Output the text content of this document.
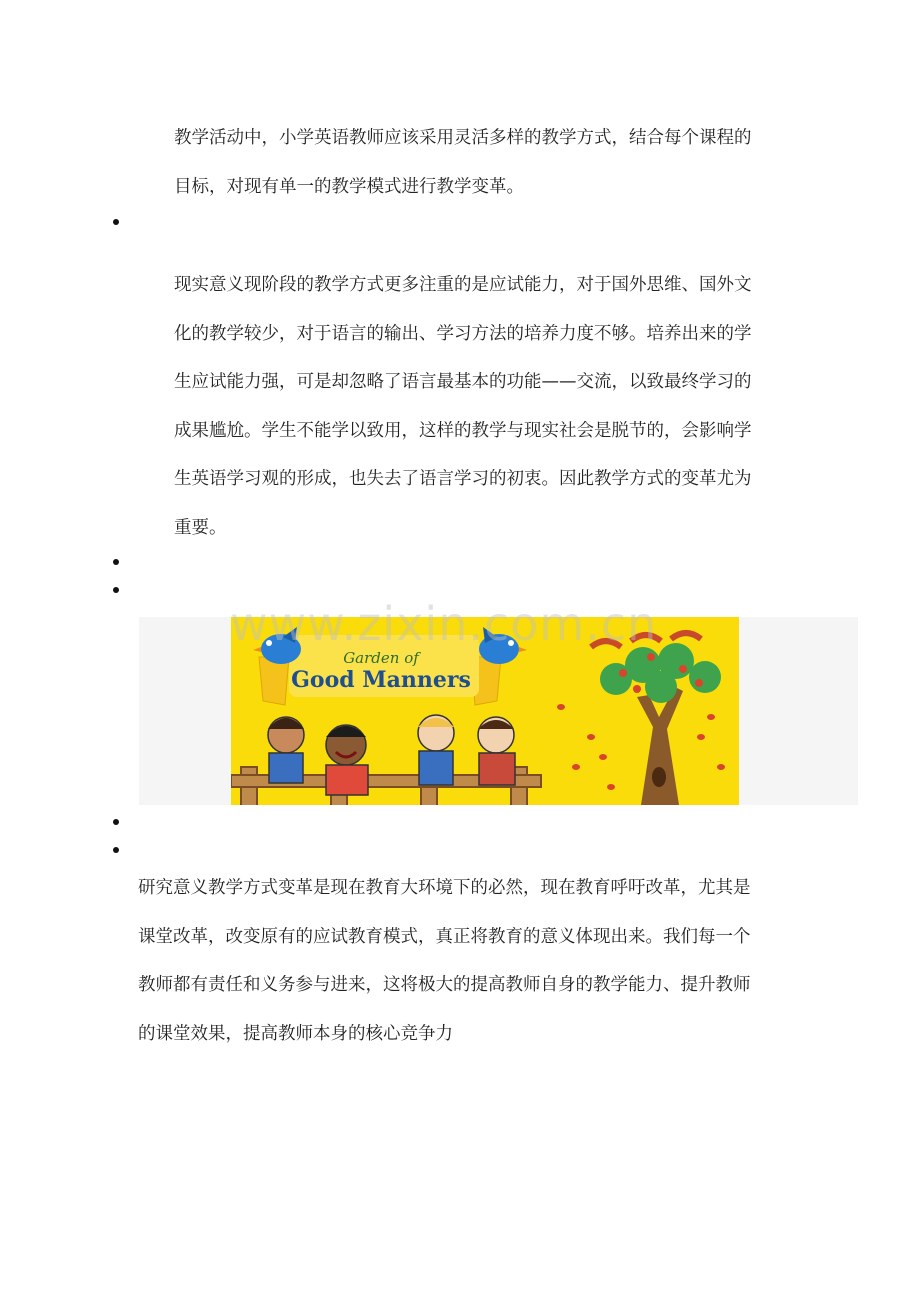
教学活动中，小学英语教师应该采用灵活多样的教学方式，结合每个课程的
目标，对现有单一的教学模式进行教学变革。
现实意义现阶段的教学方式更多注重的是应试能力，对于国外思维、国外文
化的教学较少，对于语言的输出、学习方法的培养力度不够。培养出来的学
生应试能力强，可是却忽略了语言最基本的功能——交流，以致最终学习的
成果尴尬。学生不能学以致用，这样的教学与现实社会是脱节的，会影响学
生英语学习观的形成，也失去了语言学习的初衷。因此教学方式的变革尤为
重要。
Garden of
Good Manners
www.zixin.com.cn
研究意义教学方式变革是现在教育大环境下的必然，现在教育呼吁改革，尤其是
课堂改革，改变原有的应试教育模式，真正将教育的意义体现出来。我们每一个
教师都有责任和义务参与进来，这将极大的提高教师自身的教学能力、提升教师
的课堂效果，提高教师本身的核心竞争力
